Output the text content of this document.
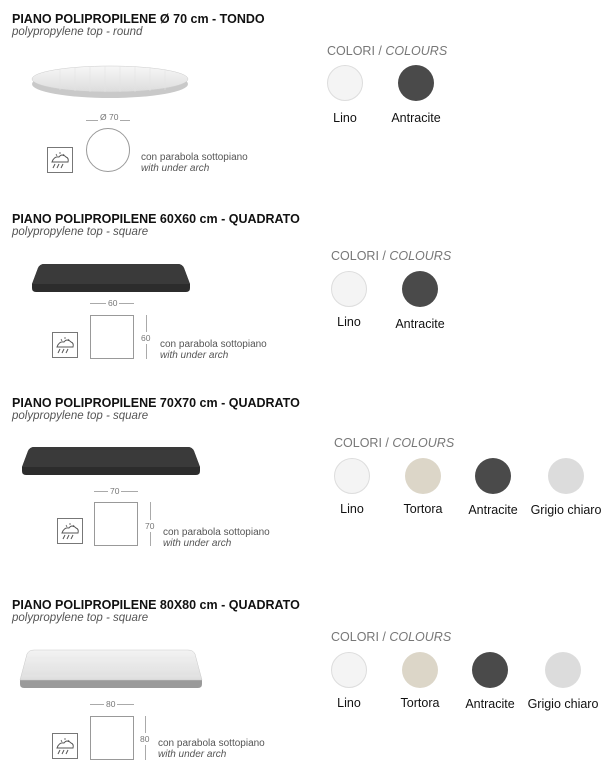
PIANO POLIPROPILENE Ø 70 cm - TONDO
polypropylene top - round
Ø 70
con parabola sottopiano
with under arch
COLORI / COLOURS
Lino	Antracite
PIANO POLIPROPILENE 60X60 cm - QUADRATO
polypropylene top - square
60
60
con parabola sottopiano
with under arch
COLORI / COLOURS
Lino	Antracite
PIANO POLIPROPILENE 70X70 cm - QUADRATO
polypropylene top - square
70
70
con parabola sottopiano
with under arch
COLORI / COLOURS
Lino	Tortora	Antracite	Grigio chiaro
PIANO POLIPROPILENE 80X80 cm - QUADRATO
polypropylene top - square
80
80 con parabola sottopiano
with under arch
COLORI / COLOURS
Lino	Tortora	Antracite	Grigio chiaro
